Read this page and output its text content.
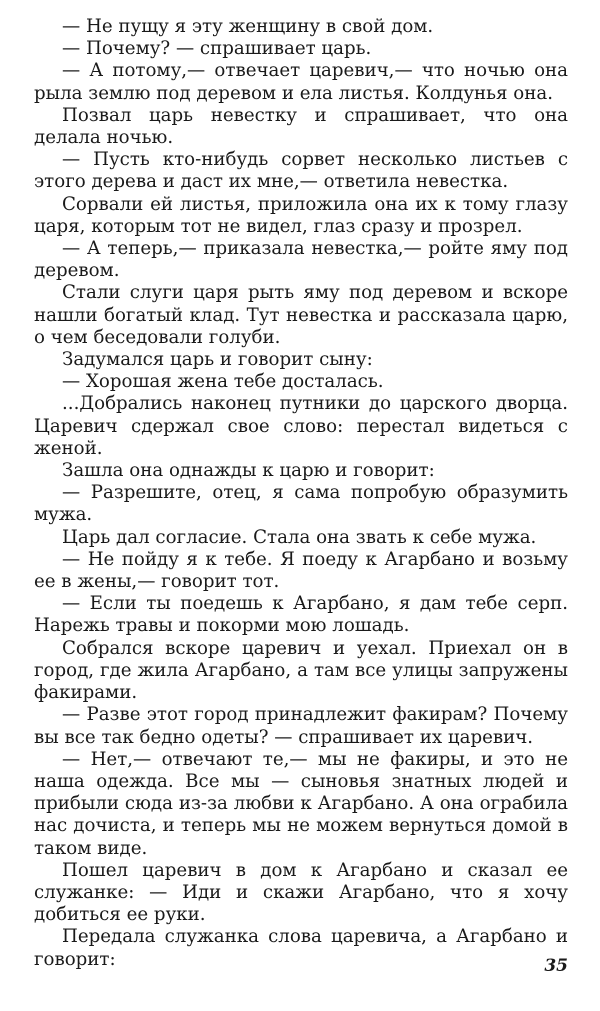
— Не пущу я эту женщину в свой дом.

— Почему? — спрашивает царь.

— А потому,— отвечает царевич,— что ночью она рыла землю под деревом и ела листья. Колдунья она.

Позвал царь невестку и спрашивает, что она делала ночью.

— Пусть кто-нибудь сорвет несколько листьев с этого дерева и даст их мне,— ответила невестка.

Сорвали ей листья, приложила она их к тому глазу царя, которым тот не видел, глаз сразу и прозрел.

— А теперь,— приказала невестка,— ройте яму под деревом.

Стали слуги царя рыть яму под деревом и вскоре нашли богатый клад. Тут невестка и рассказала царю, о чем беседовали голуби.

Задумался царь и говорит сыну:

— Хорошая жена тебе досталась.

...Добрались наконец путники до царского дворца. Царевич сдержал свое слово: перестал видеться с женой.

Зашла она однажды к царю и говорит:

— Разрешите, отец, я сама попробую образумить мужа.

Царь дал согласие. Стала она звать к себе мужа.

— Не пойду я к тебе. Я поеду к Агарбано и возьму ее в жены,— говорит тот.

— Если ты поедешь к Агарбано, я дам тебе серп. Нарежь травы и покорми мою лошадь.

Собрался вскоре царевич и уехал. Приехал он в город, где жила Агарбано, а там все улицы запружены факирами.

— Разве этот город принадлежит факирам? Почему вы все так бедно одеты? — спрашивает их царевич.

— Нет,— отвечают те,— мы не факиры, и это не наша одежда. Все мы — сыновья знатных людей и прибыли сюда из-за любви к Агарбано. А она ограбила нас дочиста, и теперь мы не можем вернуться домой в таком виде.

Пошел царевич в дом к Агарбано и сказал ее служанке: — Иди и скажи Агарбано, что я хочу добиться ее руки.

Передала служанка слова царевича, а Агарбано и говорит:	35
